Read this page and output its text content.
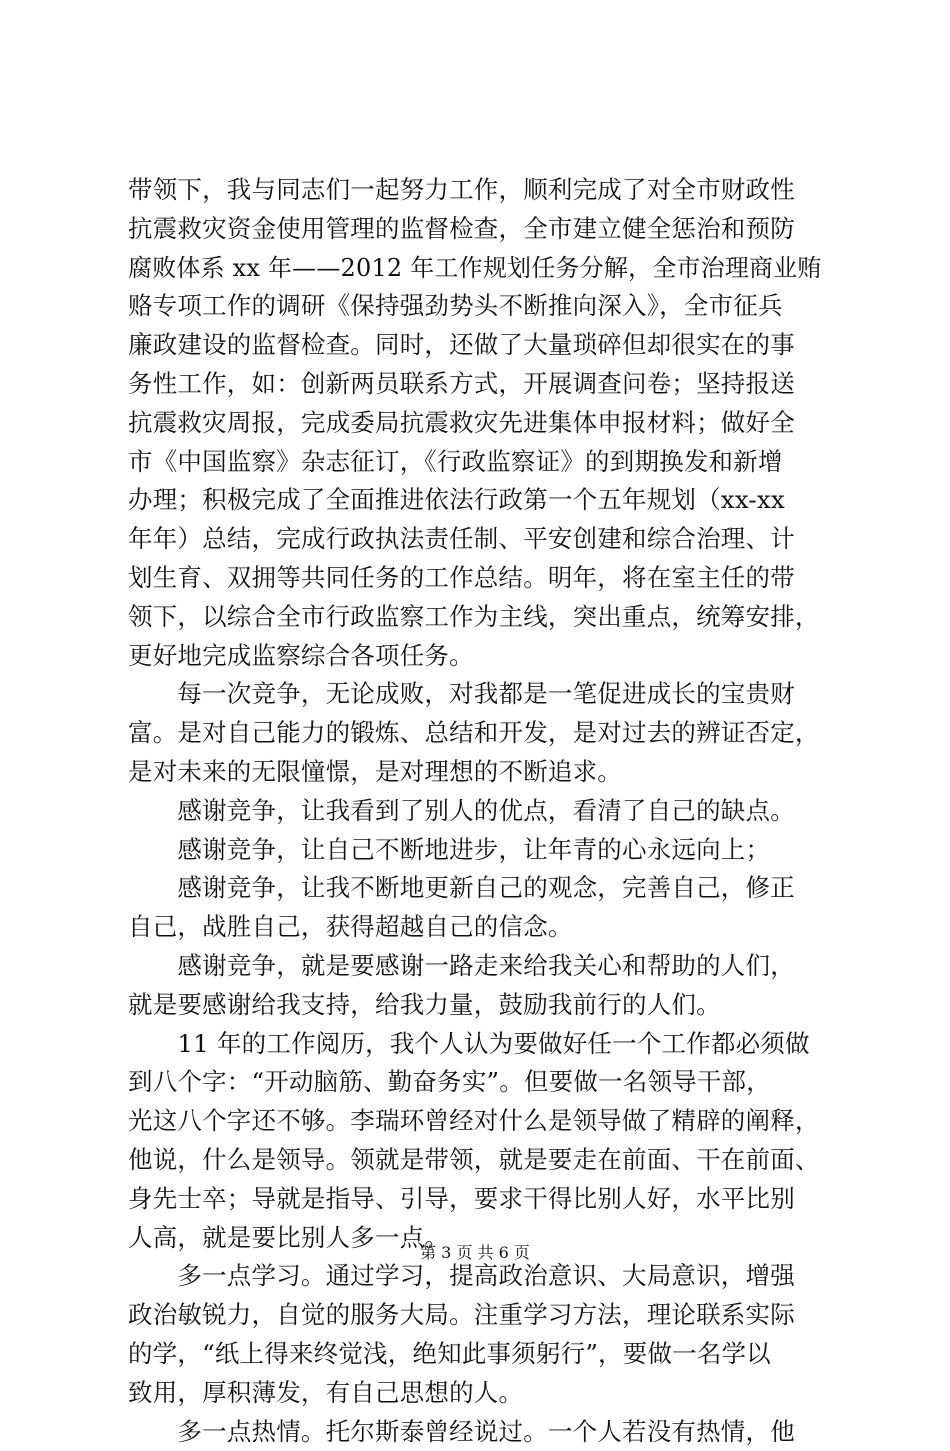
带领下，我与同志们一起努力工作，顺利完成了对全市财政性
抗震救灾资金使用管理的监督检查，全市建立健全惩治和预防
腐败体系 xx 年——2012 年工作规划任务分解，全市治理商业贿
赂专项工作的调研《保持强劲势头不断推向深入》，全市征兵
廉政建设的监督检查。同时，还做了大量琐碎但却很实在的事
务性工作，如：创新两员联系方式，开展调查问卷；坚持报送
抗震救灾周报，完成委局抗震救灾先进集体申报材料；做好全
市《中国监察》杂志征订，《行政监察证》的到期换发和新增
办理；积极完成了全面推进依法行政第一个五年规划（xx-xx
年年）总结，完成行政执法责任制、平安创建和综合治理、计
划生育、双拥等共同任务的工作总结。明年，将在室主任的带
领下，以综合全市行政监察工作为主线，突出重点，统筹安排，
更好地完成监察综合各项任务。
　　每一次竞争，无论成败，对我都是一笔促进成长的宝贵财
富。是对自己能力的锻炼、总结和开发，是对过去的辨证否定，
是对未来的无限憧憬，是对理想的不断追求。
　　感谢竞争，让我看到了别人的优点，看清了自己的缺点。
　　感谢竞争，让自己不断地进步，让年青的心永远向上；
　　感谢竞争，让我不断地更新自己的观念，完善自己，修正
自己，战胜自己，获得超越自己的信念。
　　感谢竞争，就是要感谢一路走来给我关心和帮助的人们，
就是要感谢给我支持，给我力量，鼓励我前行的人们。
　　11 年的工作阅历，我个人认为要做好任一个工作都必须做
到八个字：“开动脑筋、勤奋务实”。但要做一名领导干部，
光这八个字还不够。李瑞环曾经对什么是领导做了精辟的阐释，
他说，什么是领导。领就是带领，就是要走在前面、干在前面、
身先士卒；导就是指导、引导，要求干得比别人好，水平比别
人高，就是要比别人多一点。
　　多一点学习。通过学习，提高政治意识、大局意识，增强
政治敏锐力，自觉的服务大局。注重学习方法，理论联系实际
的学，“纸上得来终觉浅，绝知此事须躬行”，要做一名学以
致用，厚积薄发，有自己思想的人。
　　多一点热情。托尔斯泰曾经说过。一个人若没有热情，他
第 3 页 共 6 页
